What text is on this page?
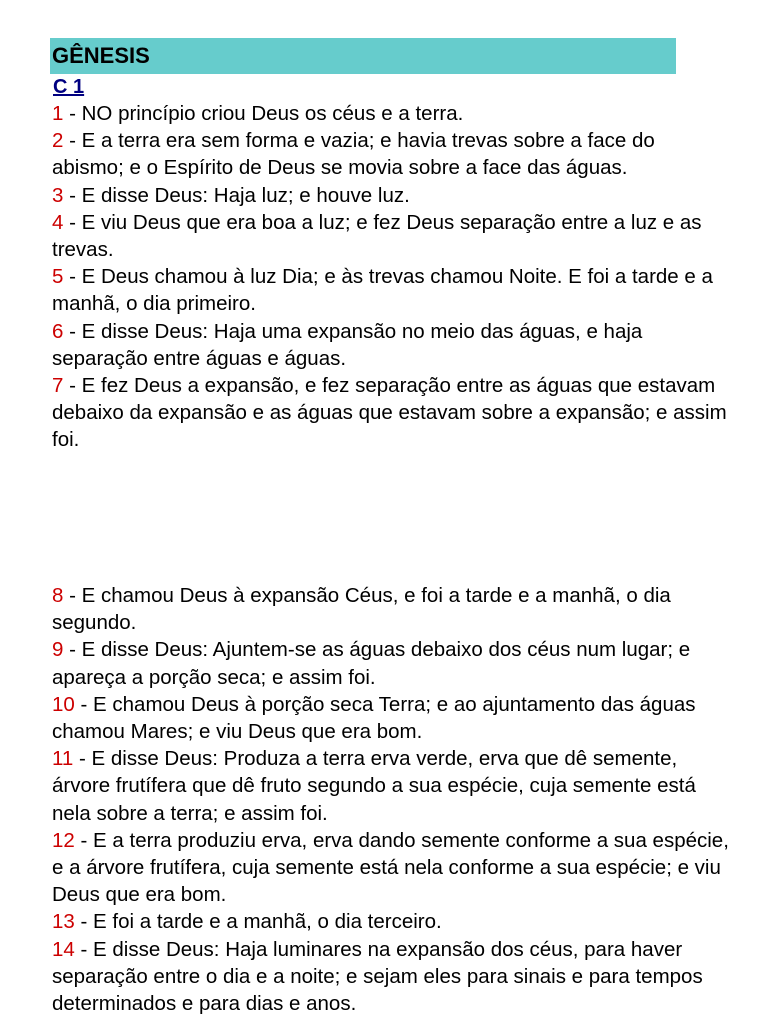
GÊNESIS
C 1

1 - NO princípio criou Deus os céus e a terra.

2 - E a terra era sem forma e vazia; e havia trevas sobre a face do abismo; e o Espírito de Deus se movia sobre a face das águas.

3 - E disse Deus: Haja luz; e houve luz.

4 - E viu Deus que era boa a luz; e fez Deus separação entre a luz e as trevas.

5 - E Deus chamou à luz Dia; e às trevas chamou Noite. E foi a tarde e a manhã, o dia primeiro.

6 - E disse Deus: Haja uma expansão no meio das águas, e haja separação entre águas e águas.

7 - E fez Deus a expansão, e fez separação entre as águas que estavam debaixo da expansão e as águas que estavam sobre a expansão; e assim foi.

8 - E chamou Deus à expansão Céus, e foi a tarde e a manhã, o dia segundo.

9 - E disse Deus: Ajuntem-se as águas debaixo dos céus num lugar; e apareça a porção seca; e assim foi.

10 - E chamou Deus à porção seca Terra; e ao ajuntamento das águas chamou Mares; e viu Deus que era bom.

11 - E disse Deus: Produza a terra erva verde, erva que dê semente, árvore frutífera que dê fruto segundo a sua espécie, cuja semente está nela sobre a terra; e assim foi.

12 - E a terra produziu erva, erva dando semente conforme a sua espécie, e a árvore frutífera, cuja semente está nela conforme a sua espécie; e viu Deus que era bom.

13 - E foi a tarde e a manhã, o dia terceiro.

14 - E disse Deus: Haja luminares na expansão dos céus, para haver separação entre o dia e a noite; e sejam eles para sinais e para tempos determinados e para dias e anos.
